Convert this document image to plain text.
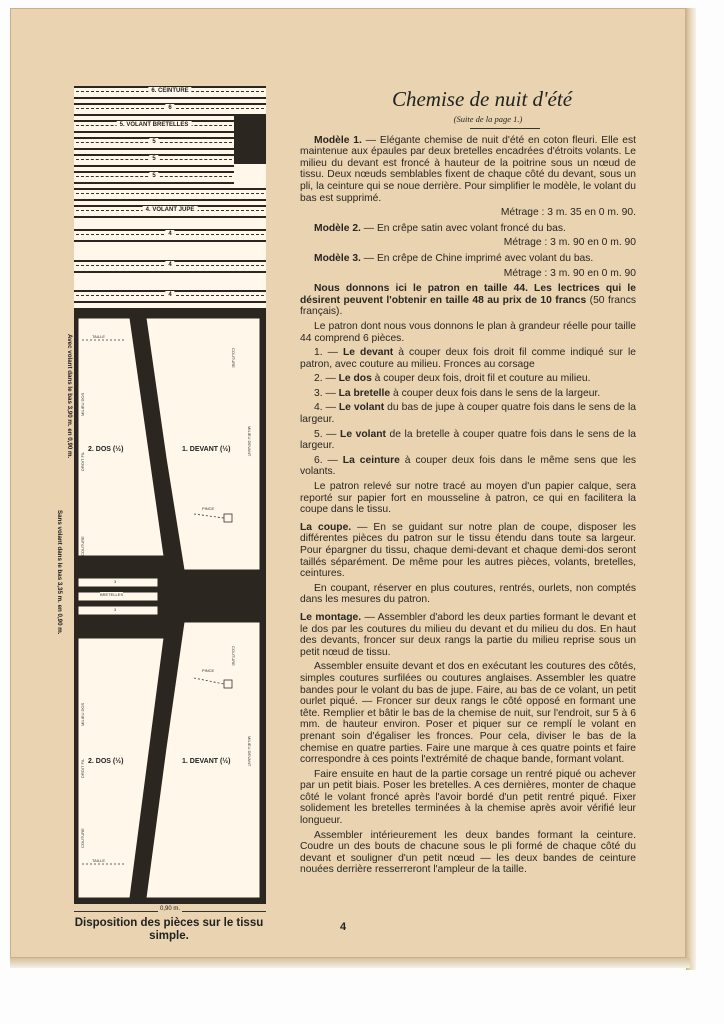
6. CEINTURE
6
5. VOLANT BRETELLES
5
5
5
4. VOLANT JUPE
4
4
4
2. DOS (½)	1. DEVANT (½)
2. DOS (½)	1. DEVANT (½)
BRETELLES
3
3
TAILLE
TAILLE
PINCE
PINCE
MILIEU DOS
DROIT FIL
COUTURE
MILIEU DOS
DROIT FIL
COUTURE
MILIEU DEVANT
COUTURE
MILIEU DEVANT
COUTURE
Avec volant dans le bas 3,90 m. en 0,90 m.
Sans volant dans le bas 3,35 m. en 0,90 m.
0,90 m.
Disposition des pièces sur le tissu simple.
4
Chemise de nuit d'été
(Suite de la page 1.)

Modèle 1. — Elégante chemise de nuit d'été en coton fleuri. Elle est maintenue aux épaules par deux bretelles encadrées d'étroits volants. Le milieu du devant est froncé à hauteur de la poitrine sous un nœud de tissu. Deux nœuds semblables fixent de chaque côté du devant, sous un pli, la ceinture qui se noue derrière. Pour simplifier le modèle, le volant du bas est supprimé.

Métrage : 3 m. 35 en 0 m. 90.

Modèle 2. — En crêpe satin avec volant froncé du bas.

Métrage : 3 m. 90 en 0 m. 90

Modèle 3. — En crêpe de Chine imprimé avec volant du bas.

Métrage : 3 m. 90 en 0 m. 90

Nous donnons ici le patron en taille 44. Les lectrices qui le désirent peuvent l'obtenir en taille 48 au prix de 10 francs (50 francs français).

Le patron dont nous vous donnons le plan à grandeur réelle pour taille 44 comprend 6 pièces.

1. — Le devant à couper deux fois droit fil comme indiqué sur le patron, avec couture au milieu. Fronces au corsage

2. — Le dos à couper deux fois, droit fil et couture au milieu.

3. — La bretelle à couper deux fois dans le sens de la largeur.

4. — Le volant du bas de jupe à couper quatre fois dans le sens de la largeur.

5. — Le volant de la bretelle à couper quatre fois dans le sens de la largeur.

6. — La ceinture à couper deux fois dans le même sens que les volants.

Le patron relevé sur notre tracé au moyen d'un papier calque, sera reporté sur papier fort en mousseline à patron, ce qui en facilitera la coupe dans le tissu.

La coupe. — En se guidant sur notre plan de coupe, disposer les différentes pièces du patron sur le tissu étendu dans toute sa largeur. Pour épargner du tissu, chaque demi-devant et chaque demi-dos seront taillés séparément. De même pour les autres pièces, volants, bretelles, ceintures.

En coupant, réserver en plus coutures, rentrés, ourlets, non comptés dans les mesures du patron.

Le montage. — Assembler d'abord les deux parties formant le devant et le dos par les coutures du milieu du devant et du milieu du dos. En haut des devants, froncer sur deux rangs la partie du milieu reprise sous un petit nœud de tissu.

Assembler ensuite devant et dos en exécutant les coutures des côtés, simples coutures surfilées ou coutures anglaises. Assembler les quatre bandes pour le volant du bas de jupe. Faire, au bas de ce volant, un petit ourlet piqué. — Froncer sur deux rangs le côté opposé en formant une tête. Remplier et bâtir le bas de la chemise de nuit, sur l'endroit, sur 5 à 6 mm. de hauteur environ. Poser et piquer sur ce remplí le volant en prenant soin d'égaliser les fronces. Pour cela, diviser le bas de la chemise en quatre parties. Faire une marque à ces quatre points et faire correspondre à ces points l'extrémité de chaque bande, formant volant.

Faire ensuite en haut de la partie corsage un rentré piqué ou achever par un petit biais. Poser les bretelles. A ces dernières, monter de chaque côté le volant froncé après l'avoir bordé d'un petit rentré piqué. Fixer solidement les bretelles terminées à la chemise après avoir vérifié leur longueur.

Assembler intérieurement les deux bandes formant la ceinture. Coudre un des bouts de chacune sous le pli formé de chaque côté du devant et souligner d'un petit nœud — les deux bandes de ceinture nouées derrière resserreront l'ampleur de la taille.
